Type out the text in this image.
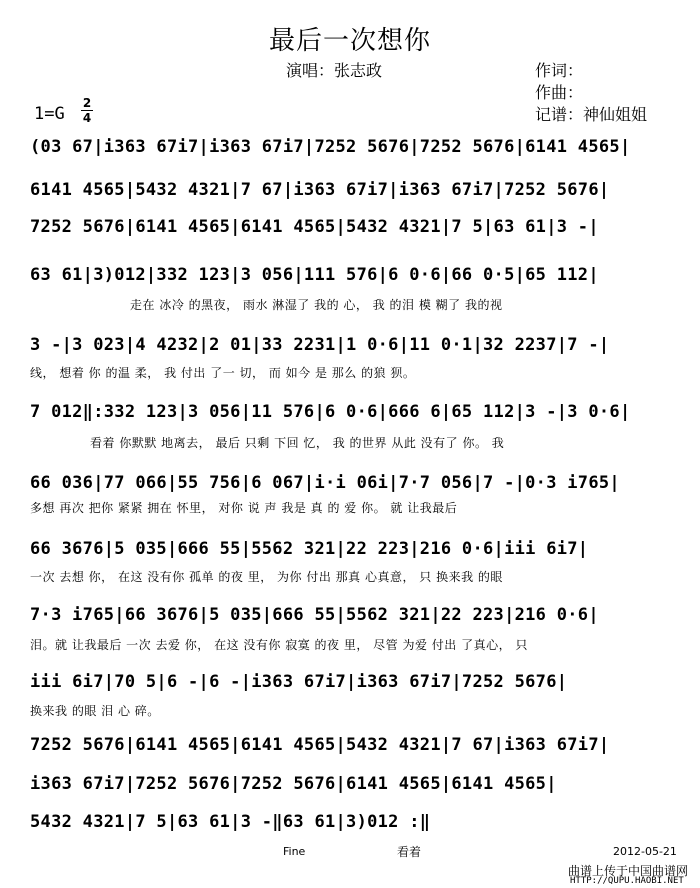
最后一次想你
演唱：张志政	作词：
作曲：
记谱：神仙姐姐
1=G
2
4
(03 67|i363 67i7|i363 67i7|7252 5676|7252 5676|6141 4565|
6141 4565|5432 4321|7 67|i363 67i7|i363 67i7|7252 5676|
7252 5676|6141 4565|6141 4565|5432 4321|7 5|63 61|3 -|
63 61|3)012|332 123|3 056|111 576|6 0·6|66 0·5|65 112|
走在 冰冷 的黑夜， 雨水 淋湿了 我的 心， 我 的泪 模 糊了 我的视
3 -|3 023|4 4232|2 01|33 2231|1 0·6|11 0·1|32 2237|7 -|
线， 想着 你 的温 柔， 我 付出 了一 切， 而 如今 是 那么 的狼 狈。
7 012‖:332 123|3 056|11 576|6 0·6|666 6|65 112|3 -|3 0·6|
看着 你默默 地离去， 最后 只剩 下回 忆， 我 的世界 从此 没有了 你。 我
66 036|77 066|55 756|6 067|i·i 06i|7·7 056|7 -|0·3 i765|
多想 再次 把你 紧紧 拥在 怀里， 对你 说 声 我是 真 的 爱 你。 就 让我最后
66 3676|5 035|666 55|5562 321|22 223|216 0·6|iii 6i7|
一次 去想 你， 在这 没有你 孤单 的夜 里， 为你 付出 那真 心真意， 只 换来我 的眼
7·3 i765|66 3676|5 035|666 55|5562 321|22 223|216 0·6|
泪。就 让我最后 一次 去爱 你， 在这 没有你 寂寞 的夜 里， 尽管 为爱 付出 了真心， 只
iii 6i7|70 5|6 -|6 -|i363 67i7|i363 67i7|7252 5676|
换来我 的眼 泪 心 碎。
7252 5676|6141 4565|6141 4565|5432 4321|7 67|i363 67i7|
i363 67i7|7252 5676|7252 5676|6141 4565|6141 4565|
5432 4321|7 5|63 61|3 -‖63 61|3)012 :‖
Fine	看着	2012-05-21
曲谱上传于中国曲谱网
HTTP://QUPU.HAOBI.NET
